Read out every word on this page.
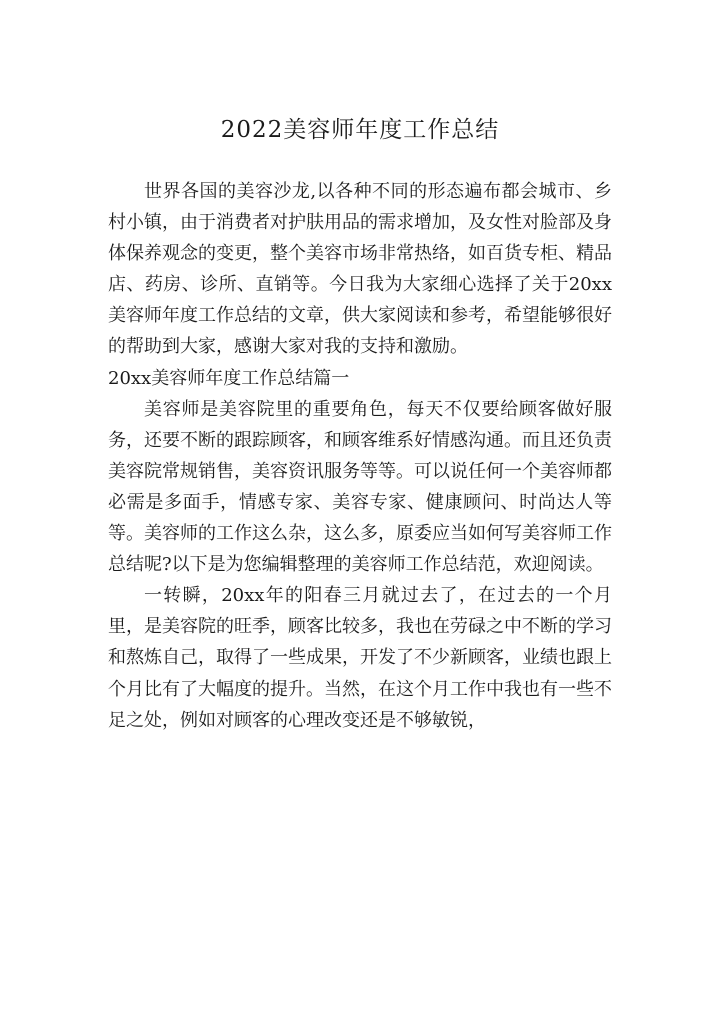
2022美容师年度工作总结

世界各国的美容沙龙,以各种不同的形态遍布都会城市、乡村小镇，由于消费者对护肤用品的需求增加，及女性对脸部及身体保养观念的变更，整个美容市场非常热络，如百货专柜、精品店、药房、诊所、直销等。今日我为大家细心选择了关于20xx美容师年度工作总结的文章，供大家阅读和参考，希望能够很好的帮助到大家，感谢大家对我的支持和激励。

20xx美容师年度工作总结篇一

美容师是美容院里的重要角色，每天不仅要给顾客做好服务，还要不断的跟踪顾客，和顾客维系好情感沟通。而且还负责美容院常规销售，美容资讯服务等等。可以说任何一个美容师都必需是多面手，情感专家、美容专家、健康顾问、时尚达人等等。美容师的工作这么杂，这么多，原委应当如何写美容师工作总结呢?以下是为您编辑整理的美容师工作总结范，欢迎阅读。

一转瞬，20xx年的阳春三月就过去了，在过去的一个月里，是美容院的旺季，顾客比较多，我也在劳碌之中不断的学习和熬炼自己，取得了一些成果，开发了不少新顾客，业绩也跟上个月比有了大幅度的提升。当然，在这个月工作中我也有一些不足之处，例如对顾客的心理改变还是不够敏锐，
